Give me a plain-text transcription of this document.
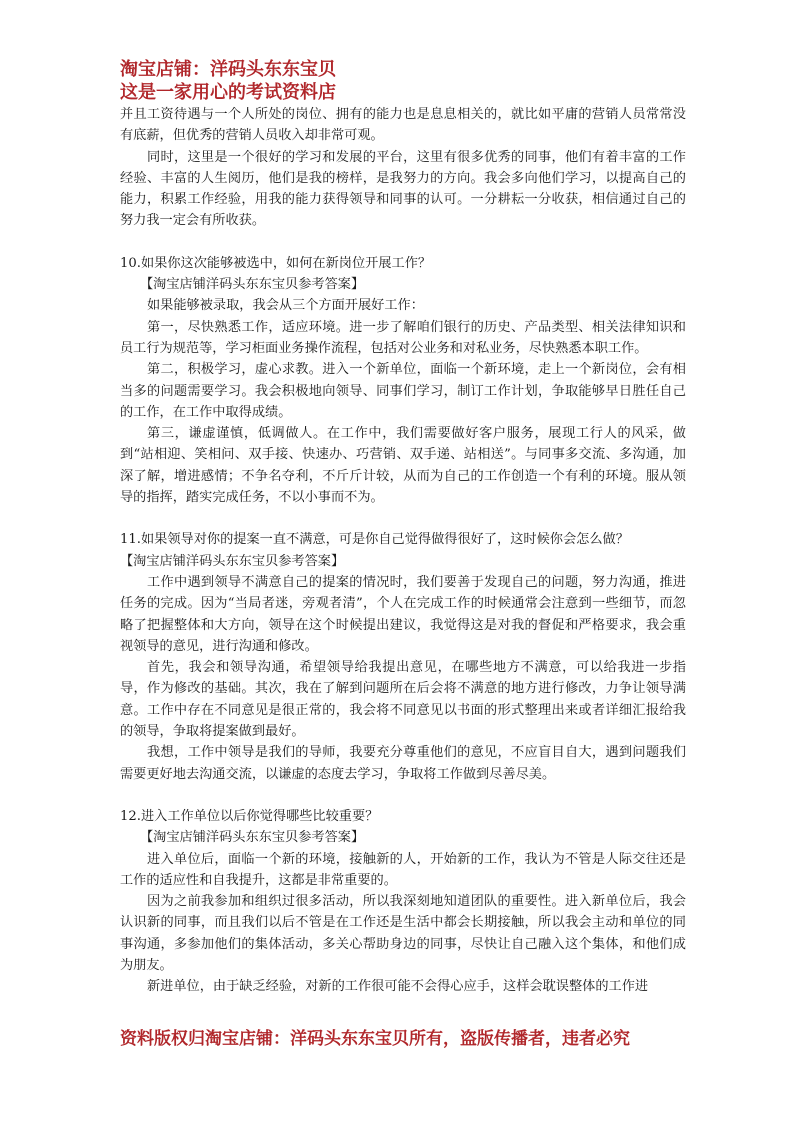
淘宝店铺：洋码头东东宝贝
这是一家用心的考试资料店

并且工资待遇与一个人所处的岗位、拥有的能力也是息息相关的，就比如平庸的营销人员常常没有底薪，但优秀的营销人员收入却非常可观。

同时，这里是一个很好的学习和发展的平台，这里有很多优秀的同事，他们有着丰富的工作经验、丰富的人生阅历，他们是我的榜样，是我努力的方向。我会多向他们学习，以提高自己的能力，积累工作经验，用我的能力获得领导和同事的认可。一分耕耘一分收获，相信通过自己的努力我一定会有所收获。

10.如果你这次能够被选中，如何在新岗位开展工作？

【淘宝店铺洋码头东东宝贝参考答案】

如果能够被录取，我会从三个方面开展好工作：

第一，尽快熟悉工作，适应环境。进一步了解咱们银行的历史、产品类型、相关法律知识和员工行为规范等，学习柜面业务操作流程，包括对公业务和对私业务，尽快熟悉本职工作。

第二，积极学习，虚心求教。进入一个新单位，面临一个新环境，走上一个新岗位，会有相当多的问题需要学习。我会积极地向领导、同事们学习，制订工作计划，争取能够早日胜任自己的工作，在工作中取得成绩。

第三，谦虚谨慎，低调做人。在工作中，我们需要做好客户服务，展现工行人的风采，做到“站相迎、笑相问、双手接、快速办、巧营销、双手递、站相送”。与同事多交流、多沟通，加深了解，增进感情；不争名夺利，不斤斤计较，从而为自己的工作创造一个有利的环境。服从领导的指挥，踏实完成任务，不以小事而不为。

11.如果领导对你的提案一直不满意，可是你自己觉得做得很好了，这时候你会怎么做？

【淘宝店铺洋码头东东宝贝参考答案】

工作中遇到领导不满意自己的提案的情况时，我们要善于发现自己的问题，努力沟通，推进任务的完成。因为“当局者迷，旁观者清”，个人在完成工作的时候通常会注意到一些细节，而忽略了把握整体和大方向，领导在这个时候提出建议，我觉得这是对我的督促和严格要求，我会重视领导的意见，进行沟通和修改。

首先，我会和领导沟通，希望领导给我提出意见，在哪些地方不满意，可以给我进一步指导，作为修改的基础。其次，我在了解到问题所在后会将不满意的地方进行修改，力争让领导满意。工作中存在不同意见是很正常的，我会将不同意见以书面的形式整理出来或者详细汇报给我的领导，争取将提案做到最好。

我想，工作中领导是我们的导师，我要充分尊重他们的意见，不应盲目自大，遇到问题我们需要更好地去沟通交流，以谦虚的态度去学习，争取将工作做到尽善尽美。

12.进入工作单位以后你觉得哪些比较重要？

【淘宝店铺洋码头东东宝贝参考答案】

进入单位后，面临一个新的环境，接触新的人，开始新的工作，我认为不管是人际交往还是工作的适应性和自我提升，这都是非常重要的。

因为之前我参加和组织过很多活动，所以我深刻地知道团队的重要性。进入新单位后，我会认识新的同事，而且我们以后不管是在工作还是生活中都会长期接触，所以我会主动和单位的同事沟通，多参加他们的集体活动，多关心帮助身边的同事，尽快让自己融入这个集体，和他们成为朋友。

新进单位，由于缺乏经验，对新的工作很可能不会得心应手，这样会耽误整体的工作进

资料版权归淘宝店铺：洋码头东东宝贝所有，盗版传播者，违者必究
